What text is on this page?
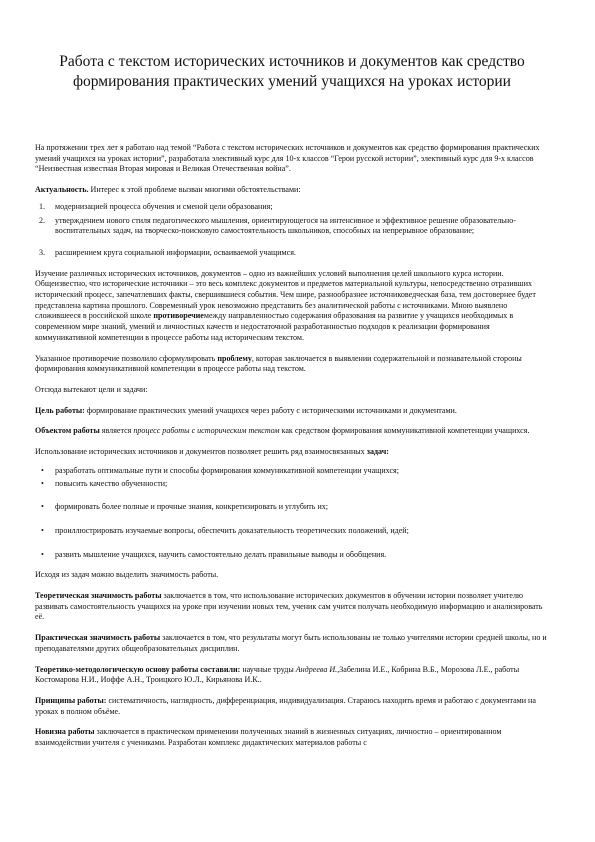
Работа с текстом исторических источников и документов как средство формирования практических умений учащихся на уроках истории

На протяжении трех лет я работаю над темой “Работа с текстом исторических источников и документов как средство формирования практических умений учащихся на уроках истории”, разработала элективный курс для 10-х классов “Герои русской истории”, элективный курс для 9-х классов “Неизвестная известная Вторая мировая и Великая Отечественная война”.

Актуальность. Интерес к этой проблеме вызван многими обстоятельствами:

1. модернизацией процесса обучения и сменой цели образования;
2. утверждением нового стиля педагогического мышления, ориентирующегося на интенсивное и эффективное решение образовательно-воспитательных задач, на творческо-поисковую самостоятельность школьников, способных на непрерывное образование;
3. расширением круга социальной информации, осваиваемой учащимся.

Изучение различных исторических источников, документов – одно из важнейших условий выполнения целей школьного курса истории. Общеизвестно, что исторические источники – это весь комплекс документов и предметов материальной культуры, непосредственно отразивших исторический процесс, запечатлевших факты, свершившиеся события. Чем шире, разнообразнее источниковедческая база, тем достовернее будет представлена картина прошлого. Современный урок невозможно представить без аналитической работы с источниками. Мною выявлено сложившееся в российской школе противоречиемежду направленностью содержания образования на развитие у учащихся необходимых в современном мире знаний, умений и личностных качеств и недостаточной разработанностью подходов к реализации формирования коммуникативной компетенции в процессе работы над историческим текстом.

Указанное противоречие позволило сформулировать проблему, которая заключается в выявлении содержательной и познавательной стороны формирования коммуникативной компетенции в процессе работы над текстом.

Отсюда вытекают цели и задачи:

Цель работы: формирование практических умений учащихся через работу с историческими источниками и документами.

Объектом работы является процесс работы с историческим текстом как средством формирования коммуникативной компетенции учащихся.

Использование исторических источников и документов позволяет решить ряд взаимосвязанных задач:

• разработать оптимальные пути и способы формирования коммуникативной компетенции учащихся;
• повысить качество обученности;
• формировать более полные и прочные знания, конкретизировать и углубить их;
• проиллюстрировать изучаемые вопросы, обеспечить доказательность теоретических положений, идей;
• развить мышление учащихся, научить самостоятельно делать правильные выводы и обобщения.

Исходя из задач можно выделить значимость работы.

Теоретическая значимость работы заключается в том, что использование исторических документов в обучении истории позволяет учителю развивать самостоятельность учащихся на уроке при изучении новых тем, ученик сам учится получать необходимую информацию и анализировать её.

Практическая значимость работы заключается в том, что результаты могут быть использованы не только учителями истории средней школы, но и преподавателями других общеобразовательных дисциплин.

Теоретико-методологическую основу работы составили: научные труды Андреева И.,Забелина И.Е., Кобрина В.Б., Морозова Л.Е., работы Костомарова Н.И., Иоффе А.Н., Троицкого Ю.Л., Кирьянова И.К..

Принципы работы: систематичность, наглядность, дифференциация, индивидуализация. Стараюсь находить время и работаю с документами на уроках в полном объёме.

Новизна работы заключается в практическом применении полученных знаний в жизненных ситуациях, личностно – ориентированном взаимодействии учителя с учениками. Разработан комплекс дидактических материалов работы с
